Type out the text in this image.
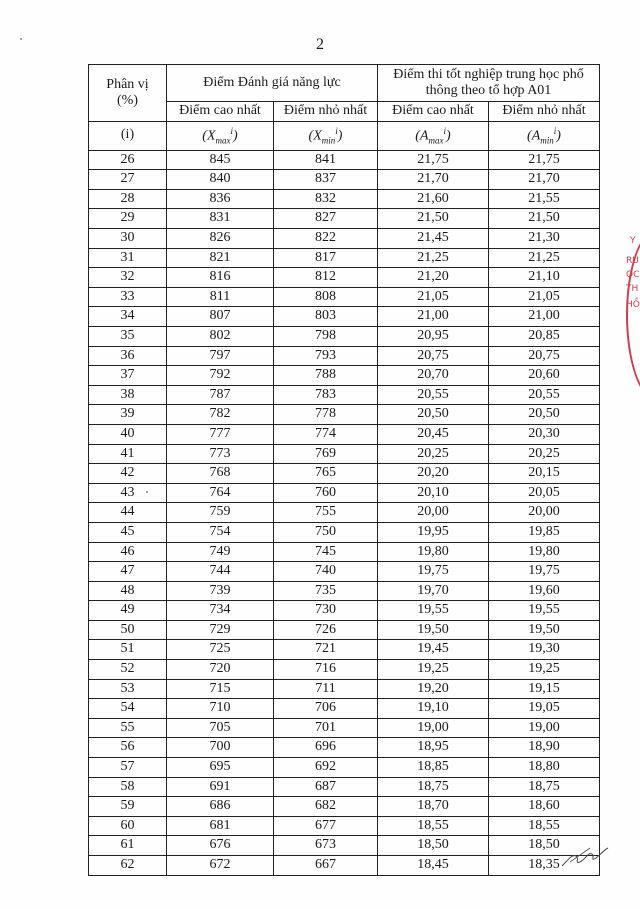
2
Phân vị
(%)	Điểm Đánh giá năng lực		Điểm thi tốt nghiệp trung học phổ thông theo tổ hợp A01	
	Điểm cao nhất	Điểm nhỏ nhất	Điểm cao nhất	Điểm nhỏ nhất
(i)	$(X_{max}^i)$	$(X_{min}^i)$	$(A_{max}^i)$	$(A_{min}^i)$
26	845	841	21,75	21,75
27	840	837	21,70	21,70
28	836	832	21,60	21,55
29	831	827	21,50	21,50
30	826	822	21,45	21,30
31	821	817	21,25	21,25
32	816	812	21,20	21,10
33	811	808	21,05	21,05
34	807	803	21,00	21,00
35	802	798	20,95	20,85
36	797	793	20,75	20,75
37	792	788	20,70	20,60
38	787	783	20,55	20,55
39	782	778	20,50	20,50
40	777	774	20,45	20,30
41	773	769	20,25	20,25
42	768	765	20,20	20,15
43	764	760	20,10	20,05
44	759	755	20,00	20,00
45	754	750	19,95	19,85
46	749	745	19,80	19,80
47	744	740	19,75	19,75
48	739	735	19,70	19,60
49	734	730	19,55	19,55
50	729	726	19,50	19,50
51	725	721	19,45	19,30
52	720	716	19,25	19,25
53	715	711	19,20	19,15
54	710	706	19,10	19,05
55	705	701	19,00	19,00
56	700	696	18,95	18,90
57	695	692	18,85	18,80
58	691	687	18,75	18,75
59	686	682	18,70	18,60
60	681	677	18,55	18,55
61	676	673	18,50	18,50
62	672	667	18,45	18,35
Y
RU
ỌC
TH
HỒ
